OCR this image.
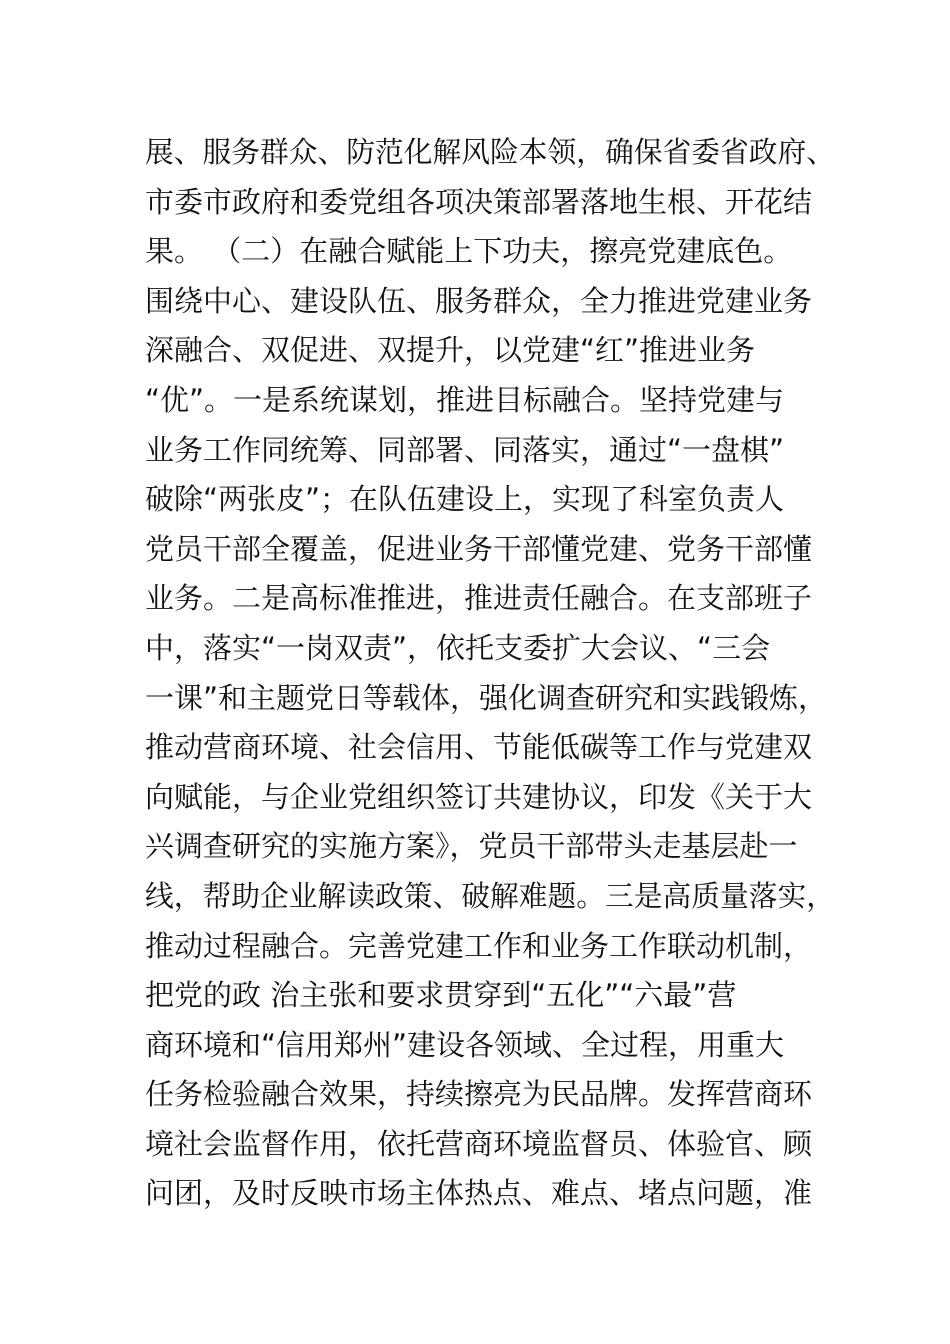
展、服务群众、防范化解风险本领，确保省委省政府、
市委市政府和委党组各项决策部署落地生根、开花结
果。 （二）在融合赋能上下功夫，擦亮党建底色。
围绕中心、建设队伍、服务群众，全力推进党建业务
深融合、双促进、双提升，以党建“红”推进业务
“优”。一是系统谋划，推进目标融合。坚持党建与
业务工作同统筹、同部署、同落实，通过“一盘棋”
破除“两张皮”；在队伍建设上，实现了科室负责人
党员干部全覆盖，促进业务干部懂党建、党务干部懂
业务。二是高标准推进，推进责任融合。在支部班子
中，落实“一岗双责”，依托支委扩大会议、“三会
一课”和主题党日等载体，强化调查研究和实践锻炼，
推动营商环境、社会信用、节能低碳等工作与党建双
向赋能，与企业党组织签订共建协议，印发《关于大
兴调查研究的实施方案》，党员干部带头走基层赴一
线，帮助企业解读政策、破解难题。三是高质量落实，
推动过程融合。完善党建工作和业务工作联动机制，
把党的政 治主张和要求贯穿到“五化”“六最”营
商环境和“信用郑州”建设各领域、全过程，用重大
任务检验融合效果，持续擦亮为民品牌。发挥营商环
境社会监督作用，依托营商环境监督员、体验官、顾
问团，及时反映市场主体热点、难点、堵点问题，准
